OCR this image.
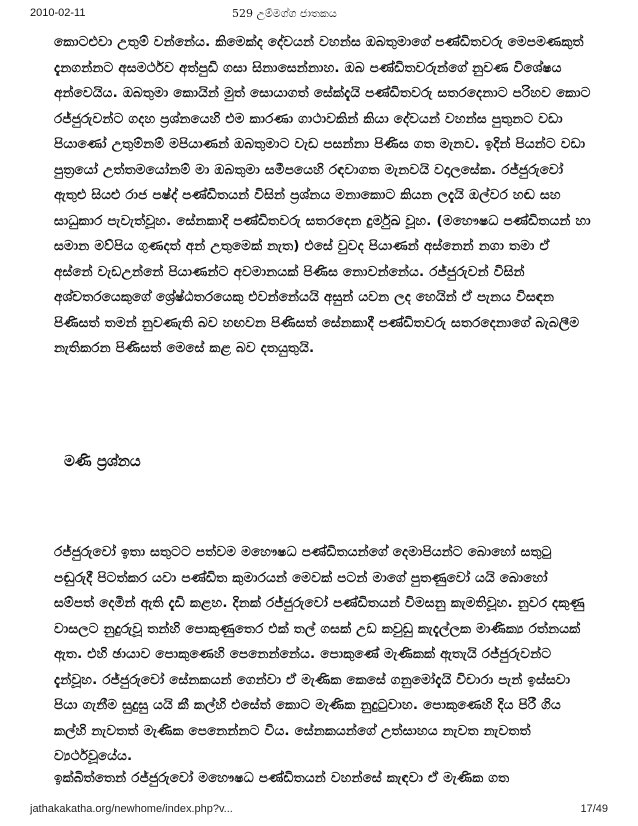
2010-02-11	529 උම්මග්ග ජාතකය

කොටළුවා උතුම් වන්නේය. කිමෙක්ද දේවයන් වහන්ස ඔබතුමාගේ පණ්ඩිතවරු මෙපමණකුත් දැනගන්නට අසමර්ථව අත්පුඩි ගසා සිනාසෙන්නාහ. ඔබ පණ්ඩිතවරුන්ගේ නුවණ විශේෂය අන්වෙයිය. ඔබතුමා කොයින් මුත් සොයාගත් සේක්දැයි පණ්ඩිතවරු සතරදෙනාට පරිහව කොට රජ්ජුරුවන්ට ගදහ ප්‍රශ්නයෙහි එම කාරණා ගාථාවකින් කියා දේවයන් වහන්ස පුතුනට වඩා පියාණෝ උතුම්නම් මපියාණන් ඔබතුමාට වැඩ පසන්නා පිණිස ගත මැනව. ඉදින් පියන්ට වඩා පුත්‍රයෝ උත්තමයෝනම් මා ඔබතුමා සමීපයෙහි රඳවාගත මැනවයි වදාලසේක. රජ්ජුරුවෝ ඇතුළු සියළු රාජ පෂ්ද් පණ්ඩිතයන් විසින් ප්‍රශ්නය මනාකොට කියන ලදැයි ඔල්වර හඬ සහ සාධුකාර පැවැත්වූහ. සේනකාදි පණ්ඩිතවරු සතරදෙන දුර්මුඛ වූහ. (මහෞෂධ පණ්ඩිතයන් හා සමාන මව්පිය ගුණදත් අන් උතුමෙක් නැත) එසේ වුවද පියාණන් අස්නෙන් නගා තමා ඒ අස්නේ වැඩඋන්නේ පියාණන්ට අවමානයක් පිණිස නොවන්නේය. රජ්ජුරුවන් විසින් අශ්චතරයෙකුගේ ශ්‍රේෂ්ඨතරයෙකු එවන්නේයයි අසුන් යවන ලද හෙයින් ඒ පැනය විසඳන පිණිසත් තමන් නුවණැති බව හඟවන පිණිසත් සේනකාදී පණ්ඩිතවරු සතරදෙනාගේ බැබලීම නැතිකරන පිණිසත් මෙසේ කළ බව දතයුතුයි.

මණි ප්‍රශ්නය

රජ්ජුරුවෝ ඉතා සතුටට පත්වම මහෞෂධ පණ්ඩිතයන්ගේ දෙමාපියන්ට බොහෝ සතුටු පඬුරුදී පිටත්කර යවා පණ්ඩිත කුමාරයන් මෙවක් පටන් මාගේ පුතණුවෝ යයි බොහෝ සම්පත් දෙමින් ඇති දැඩි කළහ. දිනක් රජ්ජුරුවෝ පණ්ඩිතයන් විමසනු කැමතිවූහ. නුවර දකුණු වාසලට නුදුරුවූ තන්හි පොකුණුතෙර එක් තල් ගසක් උඩ කවුඩු කැදැල්ලක මාණික්‍ය රත්නයක් ඇත. එහි ඡායාව පොකුණෙහි පෙනෙන්නේය. පොකුණේ මැණිකක් ඇතැයි රජ්ජුරුවන්ට දැන්වූහ. රජ්ජුරුවෝ සේනකයන් ගෙන්වා ඒ මැණික කෙසේ ගනුමෝදැයි විචාරා පැන් ඉස්සවා පියා ගැනීම සුදුසු යයි කී කල්හි එසේත් කොට මැණික නුදුටුවාහ. පොකුණෙහි දිය පිරී ගිය කල්හි නැවතත් මැණික පෙනෙන්නට විය. සේනකයන්ගේ උත්සාහය නැවත නැවතත් ව්‍යර්ථවූයේය.

ඉක්බිත්තෙන් රජ්ජුරුවෝ මහෞෂධ පණ්ඩිතයන් වහන්සේ කැඳවා ඒ මැණික ගත

jathakakatha.org/newhome/index.php?v...	17/49
